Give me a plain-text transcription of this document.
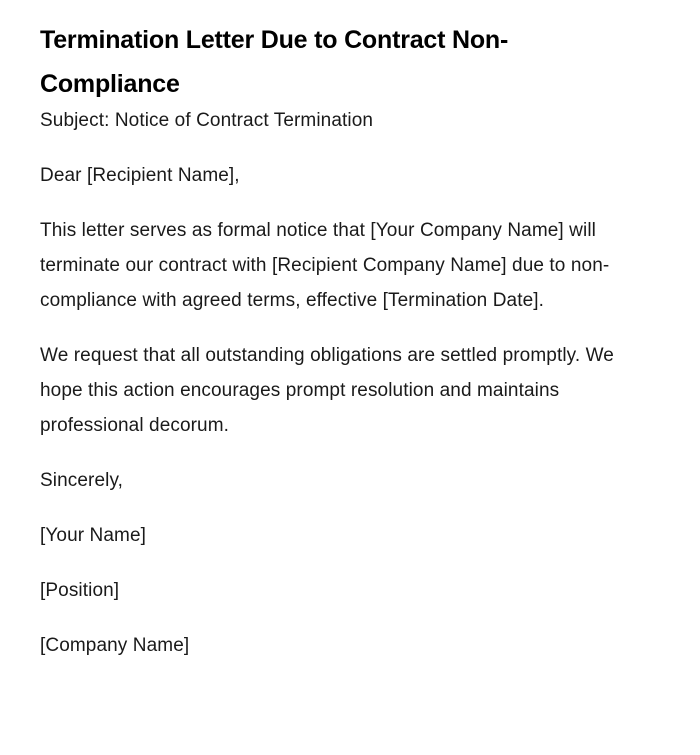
Termination Letter Due to Contract Non-Compliance

Subject: Notice of Contract Termination

Dear [Recipient Name],

This letter serves as formal notice that [Your Company Name] will terminate our contract with [Recipient Company Name] due to non-compliance with agreed terms, effective [Termination Date].

We request that all outstanding obligations are settled promptly. We hope this action encourages prompt resolution and maintains professional decorum.

Sincerely,

[Your Name]

[Position]

[Company Name]
